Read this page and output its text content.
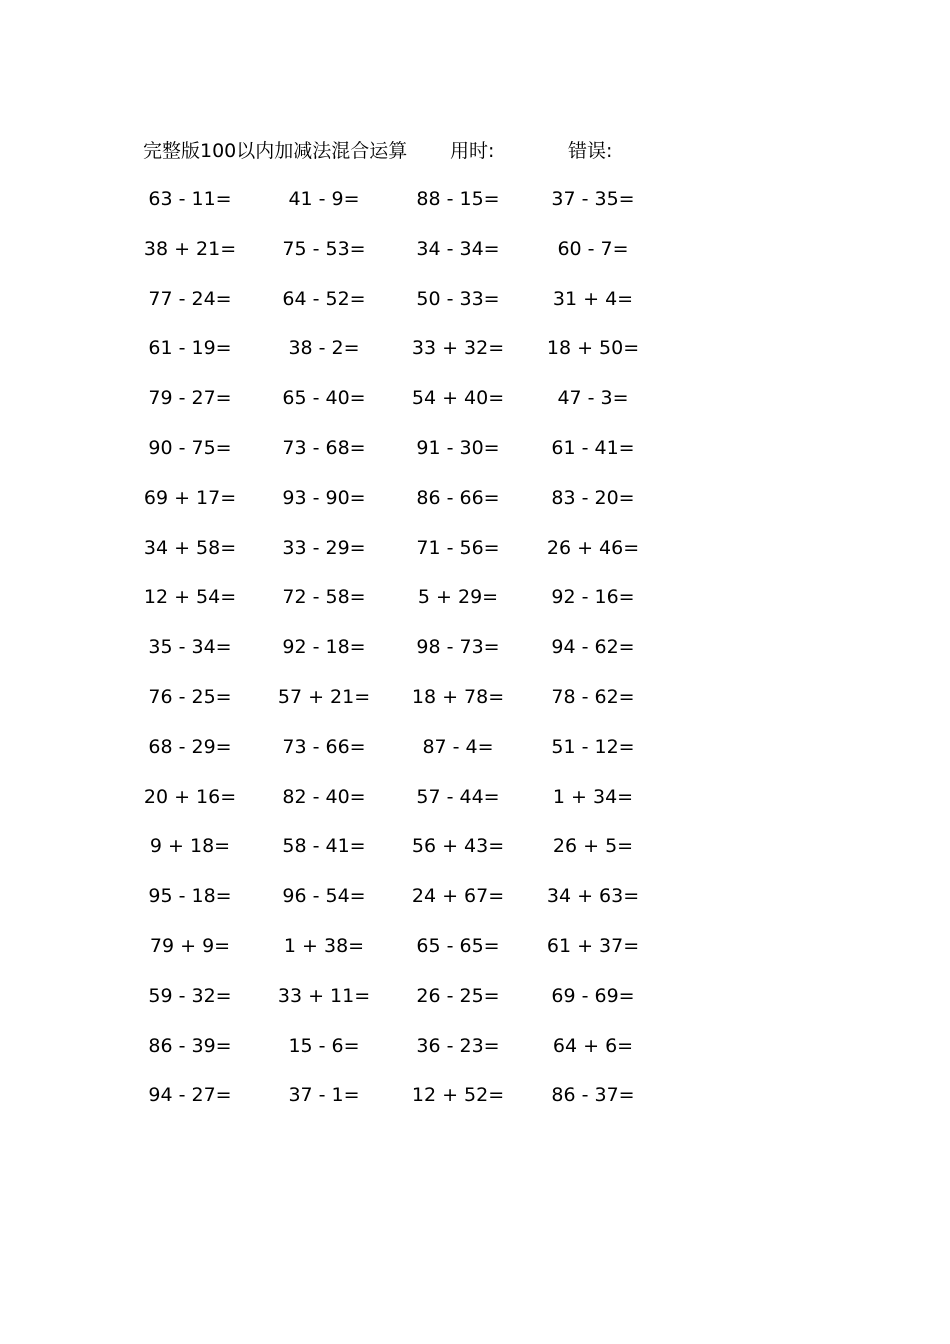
完整版100以内加减法混合运算 用时:	错误:
63 - 11=	41 - 9=	88 - 15=	37 - 35=
38 + 21=	75 - 53=	34 - 34=	60 - 7=
77 - 24=	64 - 52=	50 - 33=	31 + 4=
61 - 19=	38 - 2=	33 + 32=	18 + 50=
79 - 27=	65 - 40=	54 + 40=	47 - 3=
90 - 75=	73 - 68=	91 - 30=	61 - 41=
69 + 17=	93 - 90=	86 - 66=	83 - 20=
34 + 58=	33 - 29=	71 - 56=	26 + 46=
12 + 54=	72 - 58=	5 + 29=	92 - 16=
35 - 34=	92 - 18=	98 - 73=	94 - 62=
76 - 25=	57 + 21=	18 + 78=	78 - 62=
68 - 29=	73 - 66=	87 - 4=	51 - 12=
20 + 16=	82 - 40=	57 - 44=	1 + 34=
9 + 18=	58 - 41=	56 + 43=	26 + 5=
95 - 18=	96 - 54=	24 + 67=	34 + 63=
79 + 9=	1 + 38=	65 - 65=	61 + 37=
59 - 32=	33 + 11=	26 - 25=	69 - 69=
86 - 39=	15 - 6=	36 - 23=	64 + 6=
94 - 27=	37 - 1=	12 + 52=	86 - 37=
